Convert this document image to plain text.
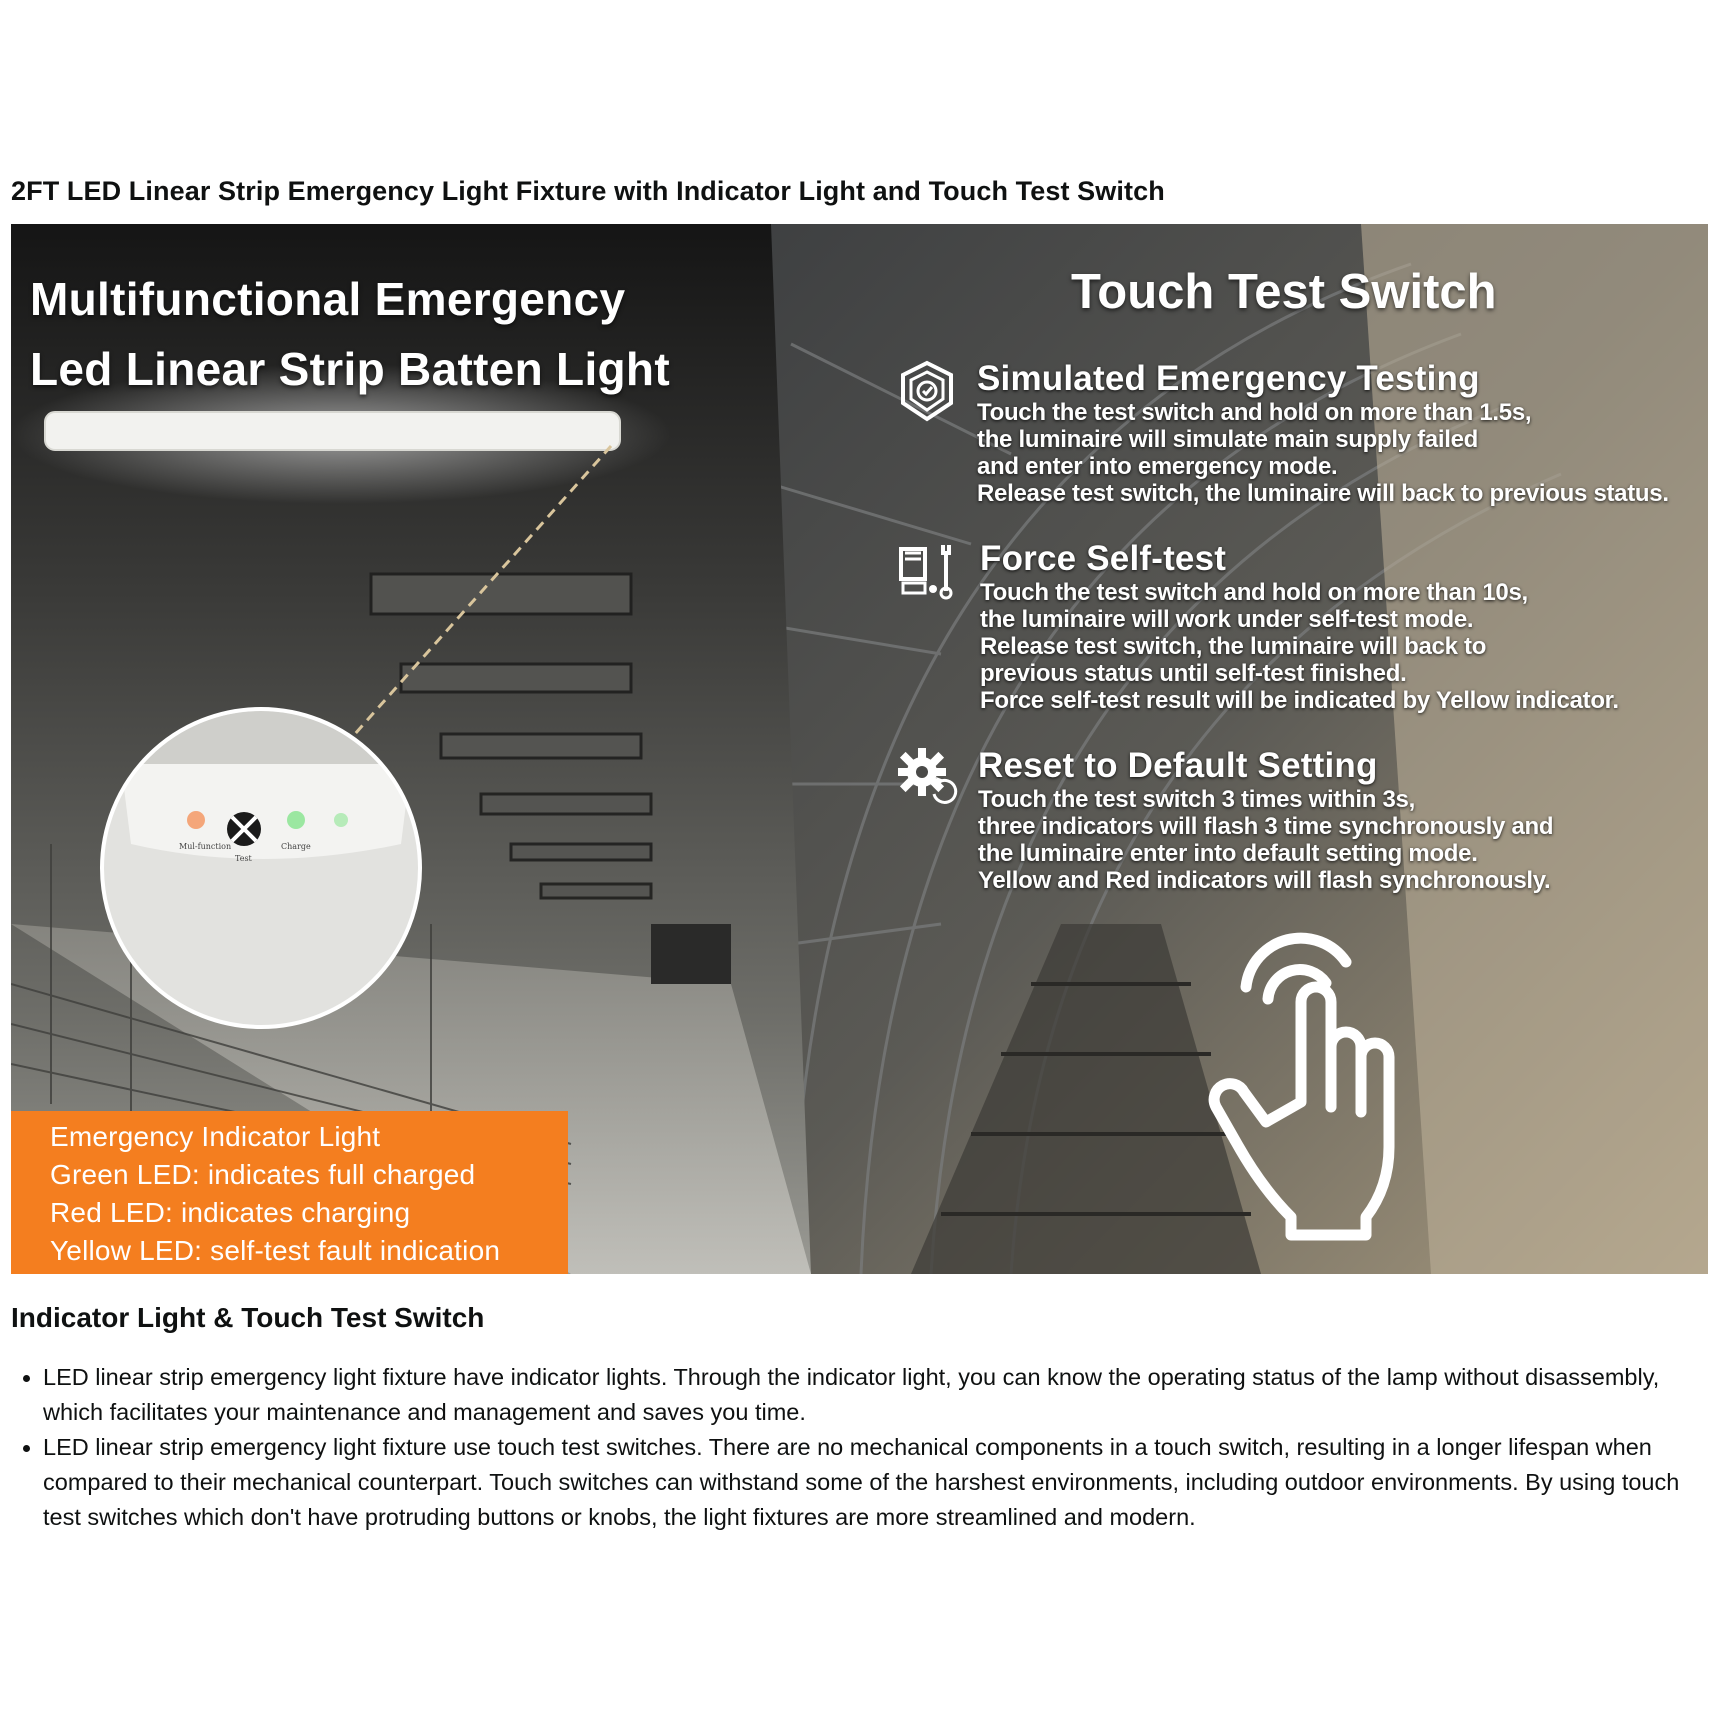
2FT LED Linear Strip Emergency Light Fixture with Indicator Light and Touch Test Switch
Mul-function
Test
Charge
Multifunctional Emergency
Led Linear Strip Batten Light
Touch Test Switch
Simulated Emergency Testing
Touch the test switch and hold on more than 1.5s,
the luminaire will simulate main supply failed
and enter into emergency mode.
Release test switch, the luminaire will back to previous status.
Force Self-test
Touch the test switch and hold on more than 10s,
the luminaire will work under self-test mode.
Release test switch, the luminaire will back to
previous status until self-test finished.
Force self-test result will be indicated by Yellow indicator.
Reset to Default Setting
Touch the test switch 3 times within 3s,
three indicators will flash 3 time synchronously and
the luminaire enter into default setting mode.
Yellow and Red indicators will flash synchronously.
Emergency Indicator Light
Green LED: indicates full charged
Red LED: indicates charging
Yellow LED: self-test fault indication
Indicator Light & Touch Test Switch
LED linear strip emergency light fixture have indicator lights. Through the indicator light, you can know the operating status of the lamp without disassembly, which facilitates your maintenance and management and saves you time.
LED linear strip emergency light fixture use touch test switches. There are no mechanical components in a touch switch, resulting in a longer lifespan when compared to their mechanical counterpart. Touch switches can withstand some of the harshest environments, including outdoor environments. By using touch test switches which don't have protruding buttons or knobs, the light fixtures are more streamlined and modern.
